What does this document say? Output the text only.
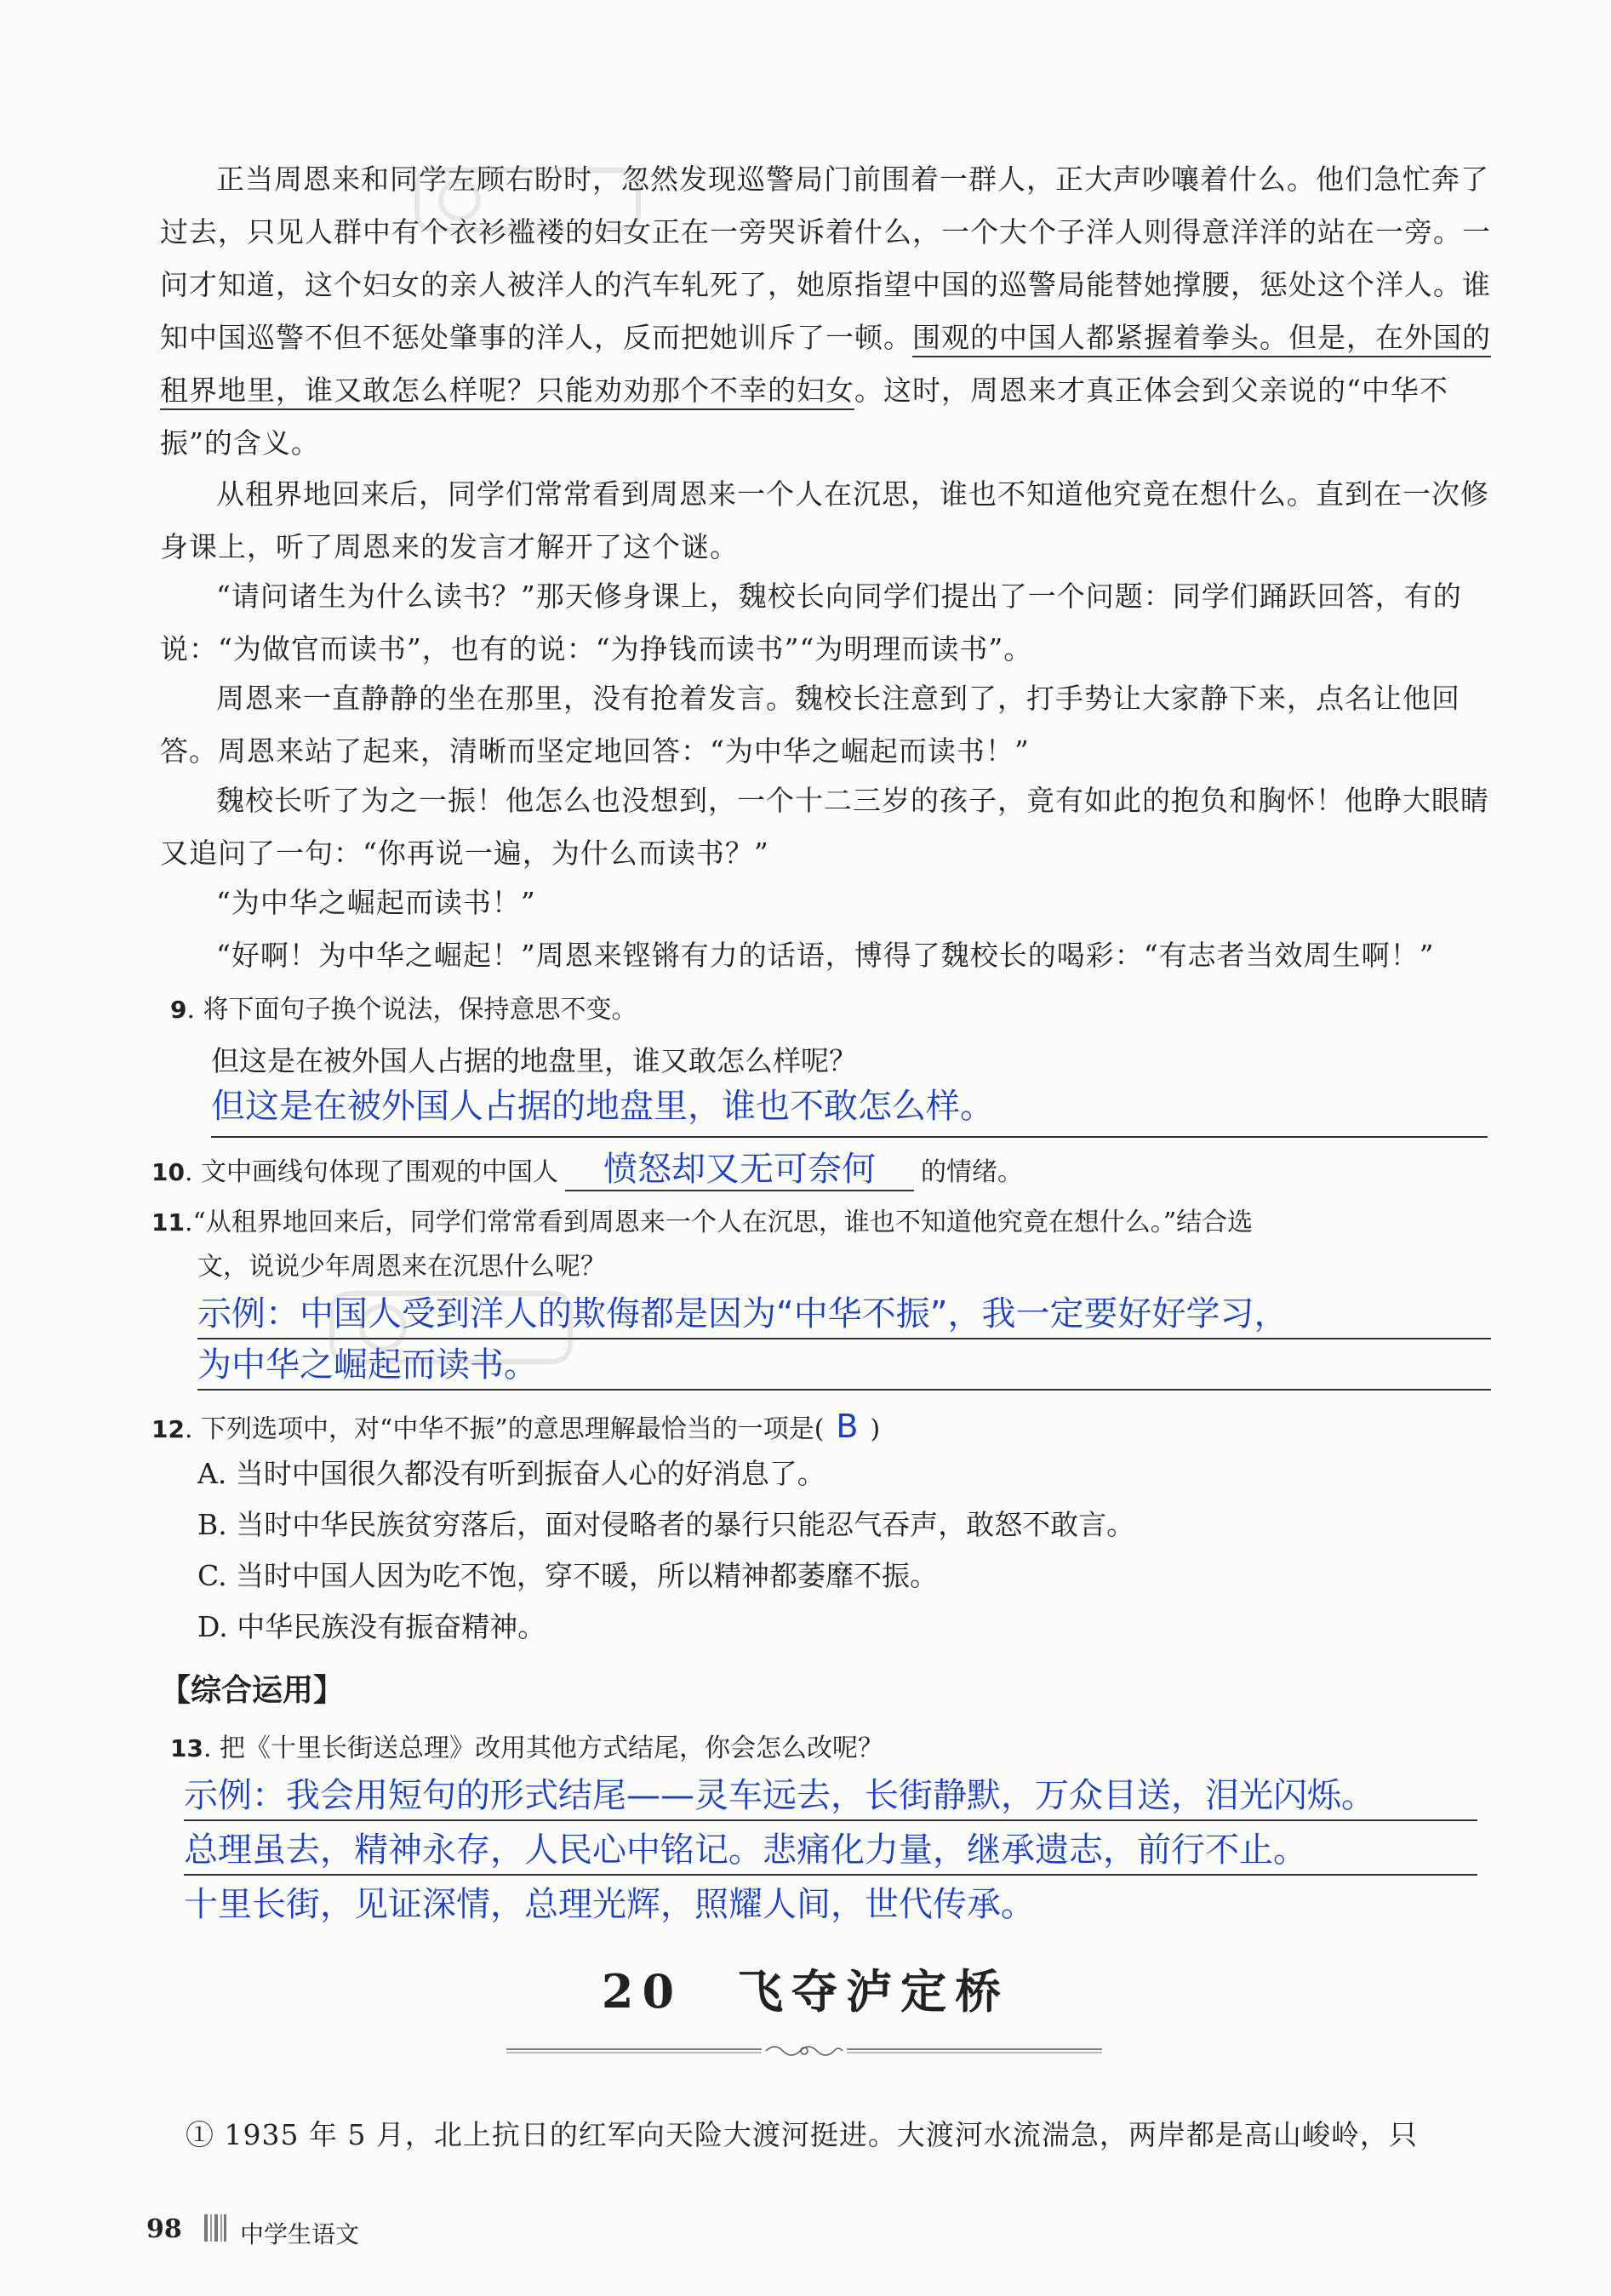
正当周恩来和同学左顾右盼时，忽然发现巡警局门前围着一群人，正大声吵嚷着什么。他们急忙奔了过去，只见人群中有个衣衫褴褛的妇女正在一旁哭诉着什么，一个大个子洋人则得意洋洋的站在一旁。一问才知道，这个妇女的亲人被洋人的汽车轧死了，她原指望中国的巡警局能替她撑腰，惩处这个洋人。谁知中国巡警不但不惩处肇事的洋人，反而把她训斥了一顿。围观的中国人都紧握着拳头。但是，在外国的租界地里，谁又敢怎么样呢？只能劝劝那个不幸的妇女。这时，周恩来才真正体会到父亲说的“中华不振”的含义。

从租界地回来后，同学们常常看到周恩来一个人在沉思，谁也不知道他究竟在想什么。直到在一次修身课上，听了周恩来的发言才解开了这个谜。

“请问诸生为什么读书？”那天修身课上，魏校长向同学们提出了一个问题：同学们踊跃回答，有的说：“为做官而读书”，也有的说：“为挣钱而读书”“为明理而读书”。

周恩来一直静静的坐在那里，没有抢着发言。魏校长注意到了，打手势让大家静下来，点名让他回答。周恩来站了起来，清晰而坚定地回答：“为中华之崛起而读书！”

魏校长听了为之一振！他怎么也没想到，一个十二三岁的孩子，竟有如此的抱负和胸怀！他睁大眼睛又追问了一句：“你再说一遍，为什么而读书？”

“为中华之崛起而读书！”

“好啊！为中华之崛起！”周恩来铿锵有力的话语，博得了魏校长的喝彩：“有志者当效周生啊！”

9. 将下面句子换个说法，保持意思不变。

但这是在被外国人占据的地盘里，谁又敢怎么样呢？

但这是在被外国人占据的地盘里，谁也不敢怎么样。

10. 文中画线句体现了围观的中国人 愤怒却又无可奈何 的情绪。

11.“从租界地回来后，同学们常常看到周恩来一个人在沉思，谁也不知道他究竟在想什么。”结合选

文，说说少年周恩来在沉思什么呢？

示例：中国人受到洋人的欺侮都是因为“中华不振”，我一定要好好学习，

为中华之崛起而读书。

12. 下列选项中，对“中华不振”的意思理解最恰当的一项是( B )

A. 当时中国很久都没有听到振奋人心的好消息了。

B. 当时中华民族贫穷落后，面对侵略者的暴行只能忍气吞声，敢怒不敢言。

C. 当时中国人因为吃不饱，穿不暖，所以精神都萎靡不振。

D. 中华民族没有振奋精神。

【综合运用】

13. 把《十里长街送总理》改用其他方式结尾，你会怎么改呢？

示例：我会用短句的形式结尾——灵车远去，长街静默，万众目送，泪光闪烁。

总理虽去，精神永存，人民心中铭记。悲痛化力量，继承遗志，前行不止。

十里长街，见证深情，总理光辉，照耀人间，世代传承。

20　飞夺泸定桥

① 1935 年 5 月，北上抗日的红军向天险大渡河挺进。大渡河水流湍急，两岸都是高山峻岭，只

98 中学生语文
